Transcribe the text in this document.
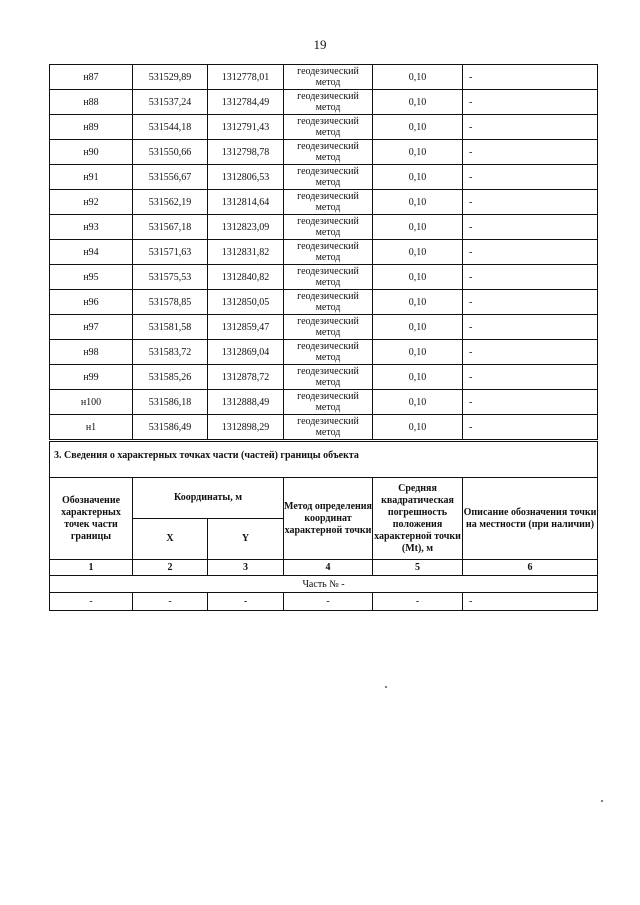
19
н87	531529,89	1312778,01	геодезический метод	0,10	-
н88	531537,24	1312784,49	геодезический метод	0,10	-
н89	531544,18	1312791,43	геодезический метод	0,10	-
н90	531550,66	1312798,78	геодезический метод	0,10	-
н91	531556,67	1312806,53	геодезический метод	0,10	-
н92	531562,19	1312814,64	геодезический метод	0,10	-
н93	531567,18	1312823,09	геодезический метод	0,10	-
н94	531571,63	1312831,82	геодезический метод	0,10	-
н95	531575,53	1312840,82	геодезический метод	0,10	-
н96	531578,85	1312850,05	геодезический метод	0,10	-
н97	531581,58	1312859,47	геодезический метод	0,10	-
н98	531583,72	1312869,04	геодезический метод	0,10	-
н99	531585,26	1312878,72	геодезический метод	0,10	-
н100	531586,18	1312888,49	геодезический метод	0,10	-
н1	531586,49	1312898,29	геодезический метод	0,10	-
3. Сведения о характерных точках части (частей) границы объекта					
Обозначение характерных точек части границы	Координаты, м		Метод определения координат характерной точки	Средняя квадратическая погрешность положения характерной точки (Mt), м	Описание обозначения точки на местности (при наличии)
	X	Y			
1	2	3	4	5	6
Часть № -					
-	-	-	-	-	-
